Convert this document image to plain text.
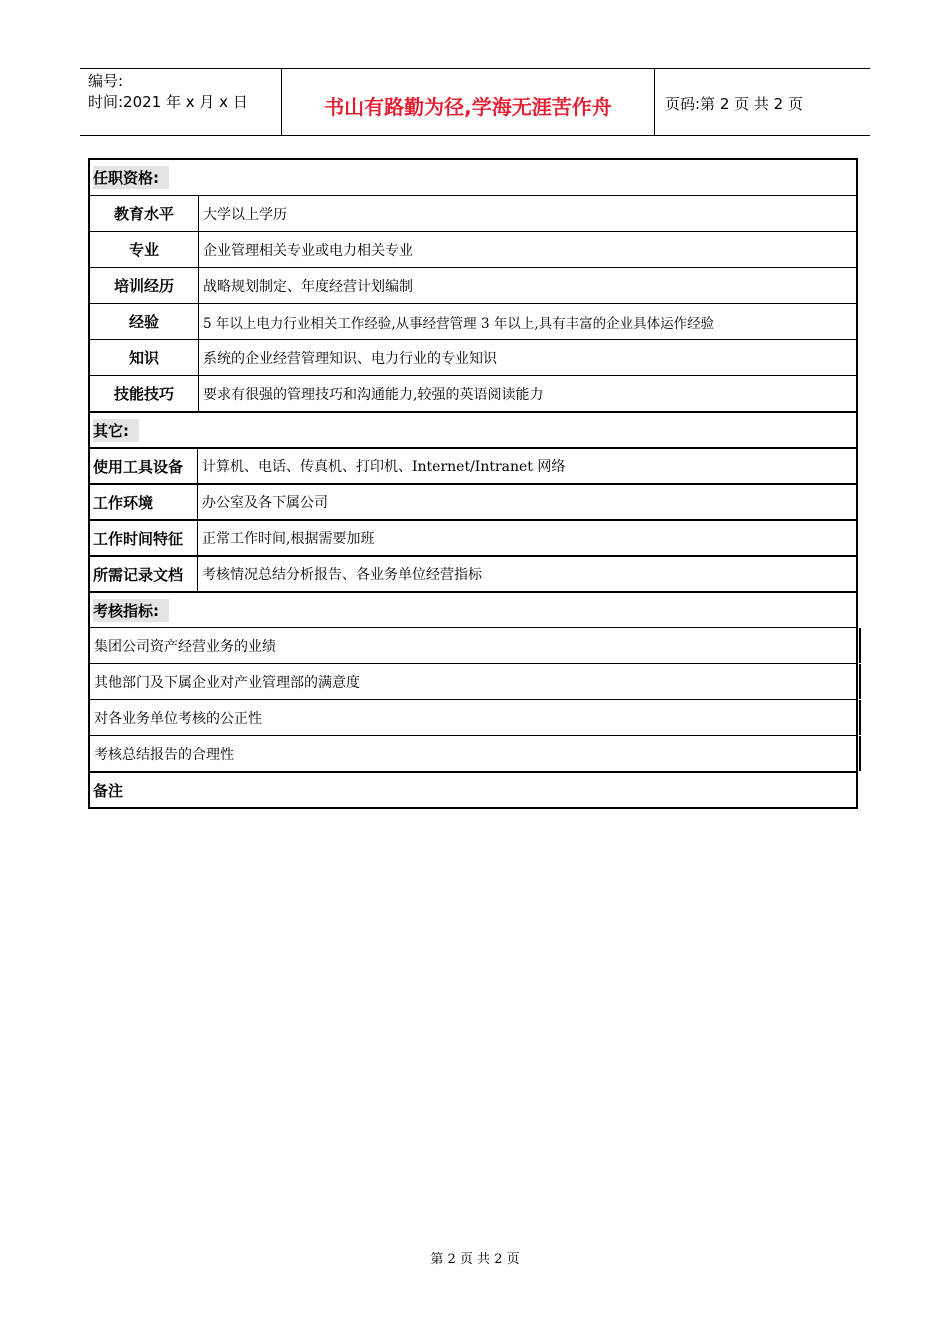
编号:
时间:2021 年 x 月 x 日	书山有路勤为径,学海无涯苦作舟	页码:第 2 页 共 2 页
任职资格:
教育水平	大学以上学历
专业	企业管理相关专业或电力相关专业
培训经历	战略规划制定、年度经营计划编制
经验	5 年以上电力行业相关工作经验,从事经营管理 3 年以上,具有丰富的企业具体运作经验
知识	系统的企业经营管理知识、电力行业的专业知识
技能技巧	要求有很强的管理技巧和沟通能力,较强的英语阅读能力
其它:
使用工具设备	计算机、电话、传真机、打印机、Internet/Intranet 网络
工作环境	办公室及各下属公司
工作时间特征	正常工作时间,根据需要加班
所需记录文档	考核情况总结分析报告、各业务单位经营指标
考核指标:
集团公司资产经营业务的业绩
其他部门及下属企业对产业管理部的满意度
对各业务单位考核的公正性
考核总结报告的合理性
备注
第 2 页 共 2 页
